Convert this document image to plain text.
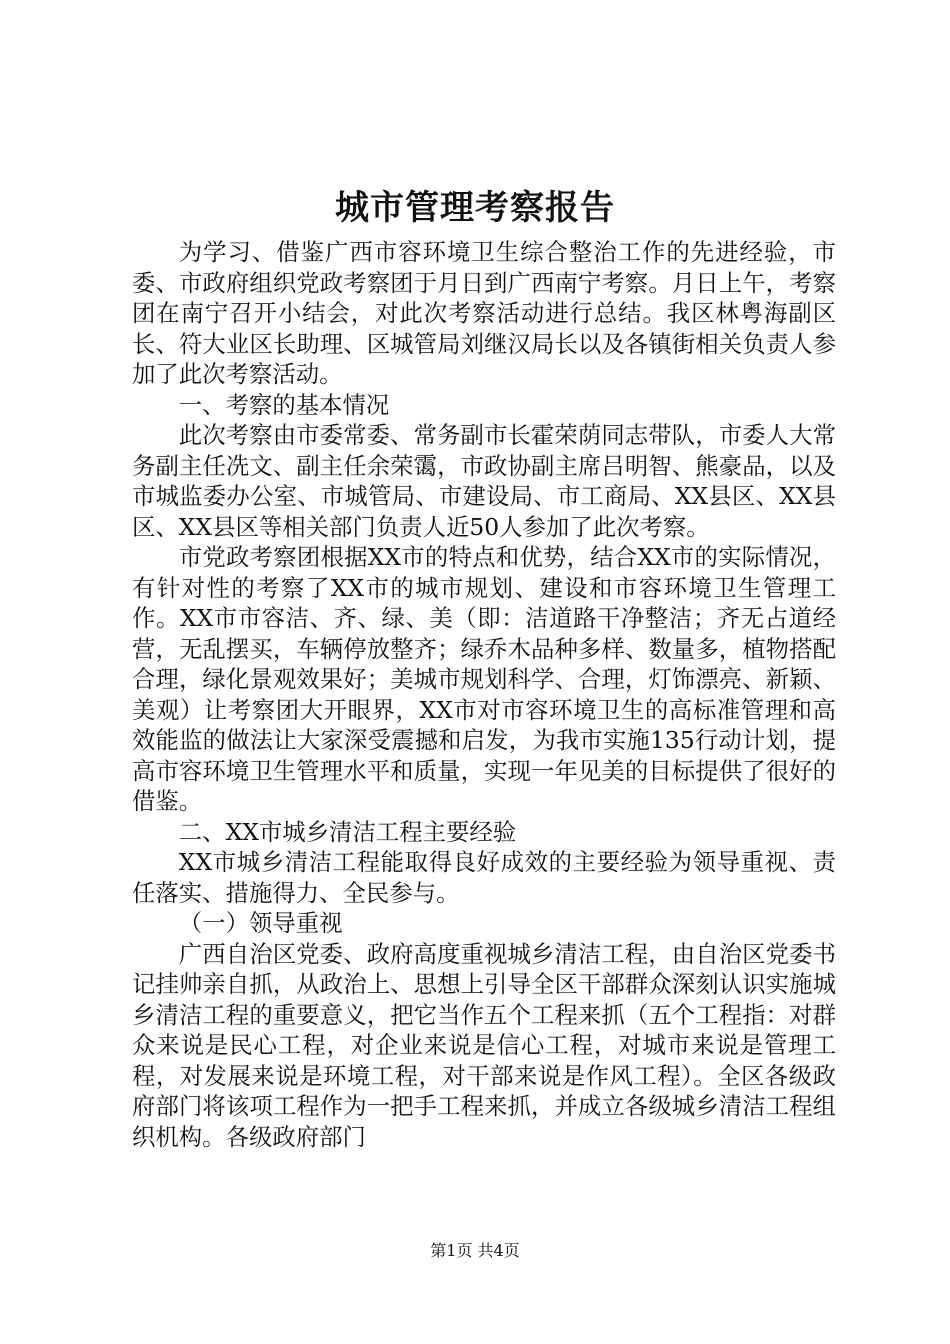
城市管理考察报告

为学习、借鉴广西市容环境卫生综合整治工作的先进经验，市委、市政府组织党政考察团于月日到广西南宁考察。月日上午，考察团在南宁召开小结会，对此次考察活动进行总结。我区林粤海副区长、符大业区长助理、区城管局刘继汉局长以及各镇街相关负责人参加了此次考察活动。

一、考察的基本情况

此次考察由市委常委、常务副市长霍荣荫同志带队，市委人大常务副主任冼文、副主任余荣霭，市政协副主席吕明智、熊豪品，以及市城监委办公室、市城管局、市建设局、市工商局、XX县区、XX县区、XX县区等相关部门负责人近50人参加了此次考察。

市党政考察团根据XX市的特点和优势，结合XX市的实际情况，有针对性的考察了XX市的城市规划、建设和市容环境卫生管理工作。XX市市容洁、齐、绿、美（即：洁道路干净整洁；齐无占道经营，无乱摆买，车辆停放整齐；绿乔木品种多样、数量多，植物搭配合理，绿化景观效果好；美城市规划科学、合理，灯饰漂亮、新颖、美观）让考察团大开眼界，XX市对市容环境卫生的高标准管理和高效能监的做法让大家深受震撼和启发，为我市实施135行动计划，提高市容环境卫生管理水平和质量，实现一年见美的目标提供了很好的借鉴。

二、XX市城乡清洁工程主要经验

XX市城乡清洁工程能取得良好成效的主要经验为领导重视、责任落实、措施得力、全民参与。

（一）领导重视

广西自治区党委、政府高度重视城乡清洁工程，由自治区党委书记挂帅亲自抓，从政治上、思想上引导全区干部群众深刻认识实施城乡清洁工程的重要意义，把它当作五个工程来抓（五个工程指：对群众来说是民心工程，对企业来说是信心工程，对城市来说是管理工程，对发展来说是环境工程，对干部来说是作风工程）。全区各级政府部门将该项工程作为一把手工程来抓，并成立各级城乡清洁工程组织机构。各级政府部门

第1页 共4页
